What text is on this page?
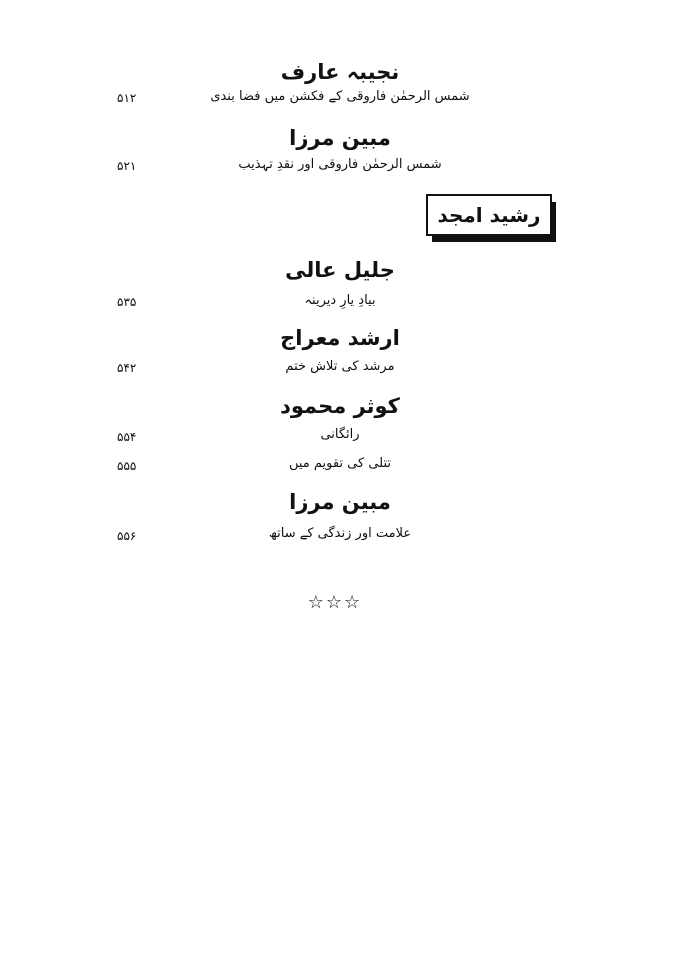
نجیبہ عارف
شمس الرحمٰن فاروقی کے فکشن میں فضا بندی
۵۱۲
مبین مرزا
شمس الرحمٰن فاروقی اور نقدِ تہذیب
۵۲۱
رشید امجد
جلیل عالی
بیادِ یارِ دیرینہ
۵۳۵
ارشد معراج
مرشد کی تلاش ختم
۵۴۲
کوثر محمود
رائگانی
۵۵۴
تتلی کی تقویم میں
۵۵۵
مبین مرزا
علامت اور زندگی کے ساتھ
۵۵۶
☆☆☆
